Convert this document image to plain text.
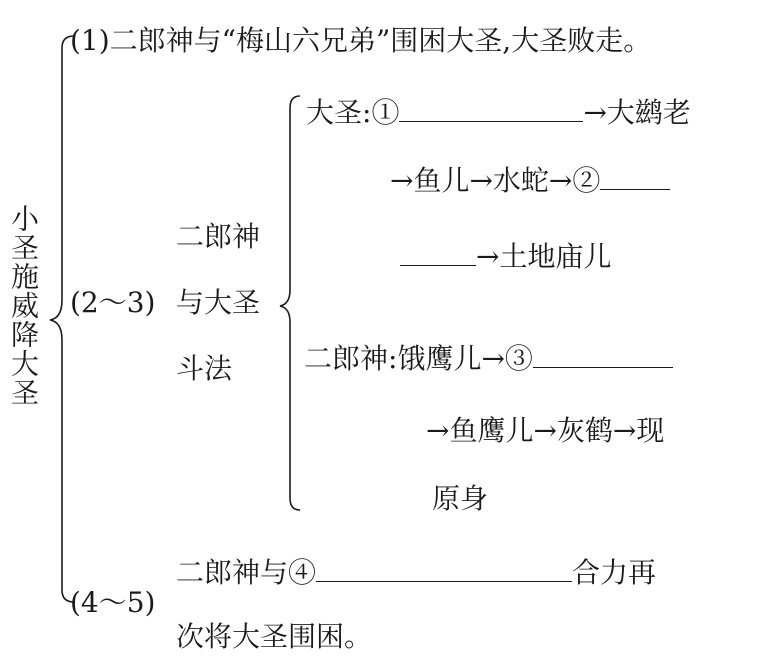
小圣施威降大圣
(1)二郎神与“梅山六兄弟”围困大圣,大圣败走。
(2～3)
二郎神
与大圣
斗法
大圣:①	→大鹚老
→鱼儿→水蛇→②
→土地庙儿
二郎神:饿鹰儿→③
→鱼鹰儿→灰鹤→现
原身
(4～5)
二郎神与④	合力再
次将大圣围困。
